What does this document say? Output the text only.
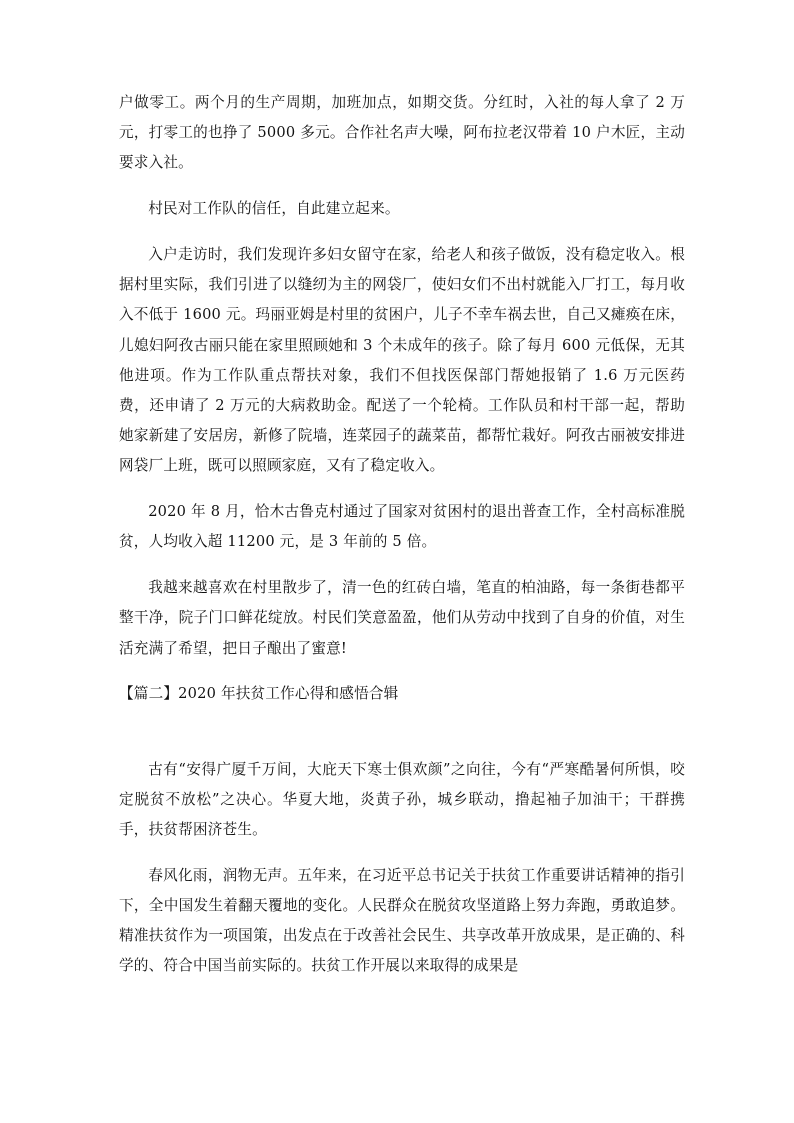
户做零工。两个月的生产周期，加班加点，如期交货。分红时，入社的每人拿了 2 万元，打零工的也挣了 5000 多元。合作社名声大噪，阿布拉老汉带着 10 户木匠，主动要求入社。

村民对工作队的信任，自此建立起来。

入户走访时，我们发现许多妇女留守在家，给老人和孩子做饭，没有稳定收入。根据村里实际，我们引进了以缝纫为主的网袋厂，使妇女们不出村就能入厂打工，每月收入不低于 1600 元。玛丽亚姆是村里的贫困户，儿子不幸车祸去世，自己又瘫痪在床，儿媳妇阿孜古丽只能在家里照顾她和 3 个未成年的孩子。除了每月 600 元低保，无其他进项。作为工作队重点帮扶对象，我们不但找医保部门帮她报销了 1.6 万元医药费，还申请了 2 万元的大病救助金。配送了一个轮椅。工作队员和村干部一起，帮助她家新建了安居房，新修了院墙，连菜园子的蔬菜苗，都帮忙栽好。阿孜古丽被安排进网袋厂上班，既可以照顾家庭，又有了稳定收入。

2020 年 8 月，恰木古鲁克村通过了国家对贫困村的退出普查工作，全村高标准脱贫，人均收入超 11200 元，是 3 年前的 5 倍。

我越来越喜欢在村里散步了，清一色的红砖白墙，笔直的柏油路，每一条街巷都平整干净，院子门口鲜花绽放。村民们笑意盈盈，他们从劳动中找到了自身的价值，对生活充满了希望，把日子酿出了蜜意!

【篇二】2020 年扶贫工作心得和感悟合辑

古有“安得广厦千万间，大庇天下寒士俱欢颜”之向往，今有“严寒酷暑何所惧，咬定脱贫不放松”之决心。华夏大地，炎黄子孙，城乡联动，撸起袖子加油干；干群携手，扶贫帮困济苍生。

春风化雨，润物无声。五年来，在习近平总书记关于扶贫工作重要讲话精神的指引下，全中国发生着翻天覆地的变化。人民群众在脱贫攻坚道路上努力奔跑，勇敢追梦。精准扶贫作为一项国策，出发点在于改善社会民生、共享改革开放成果，是正确的、科学的、符合中国当前实际的。扶贫工作开展以来取得的成果是
